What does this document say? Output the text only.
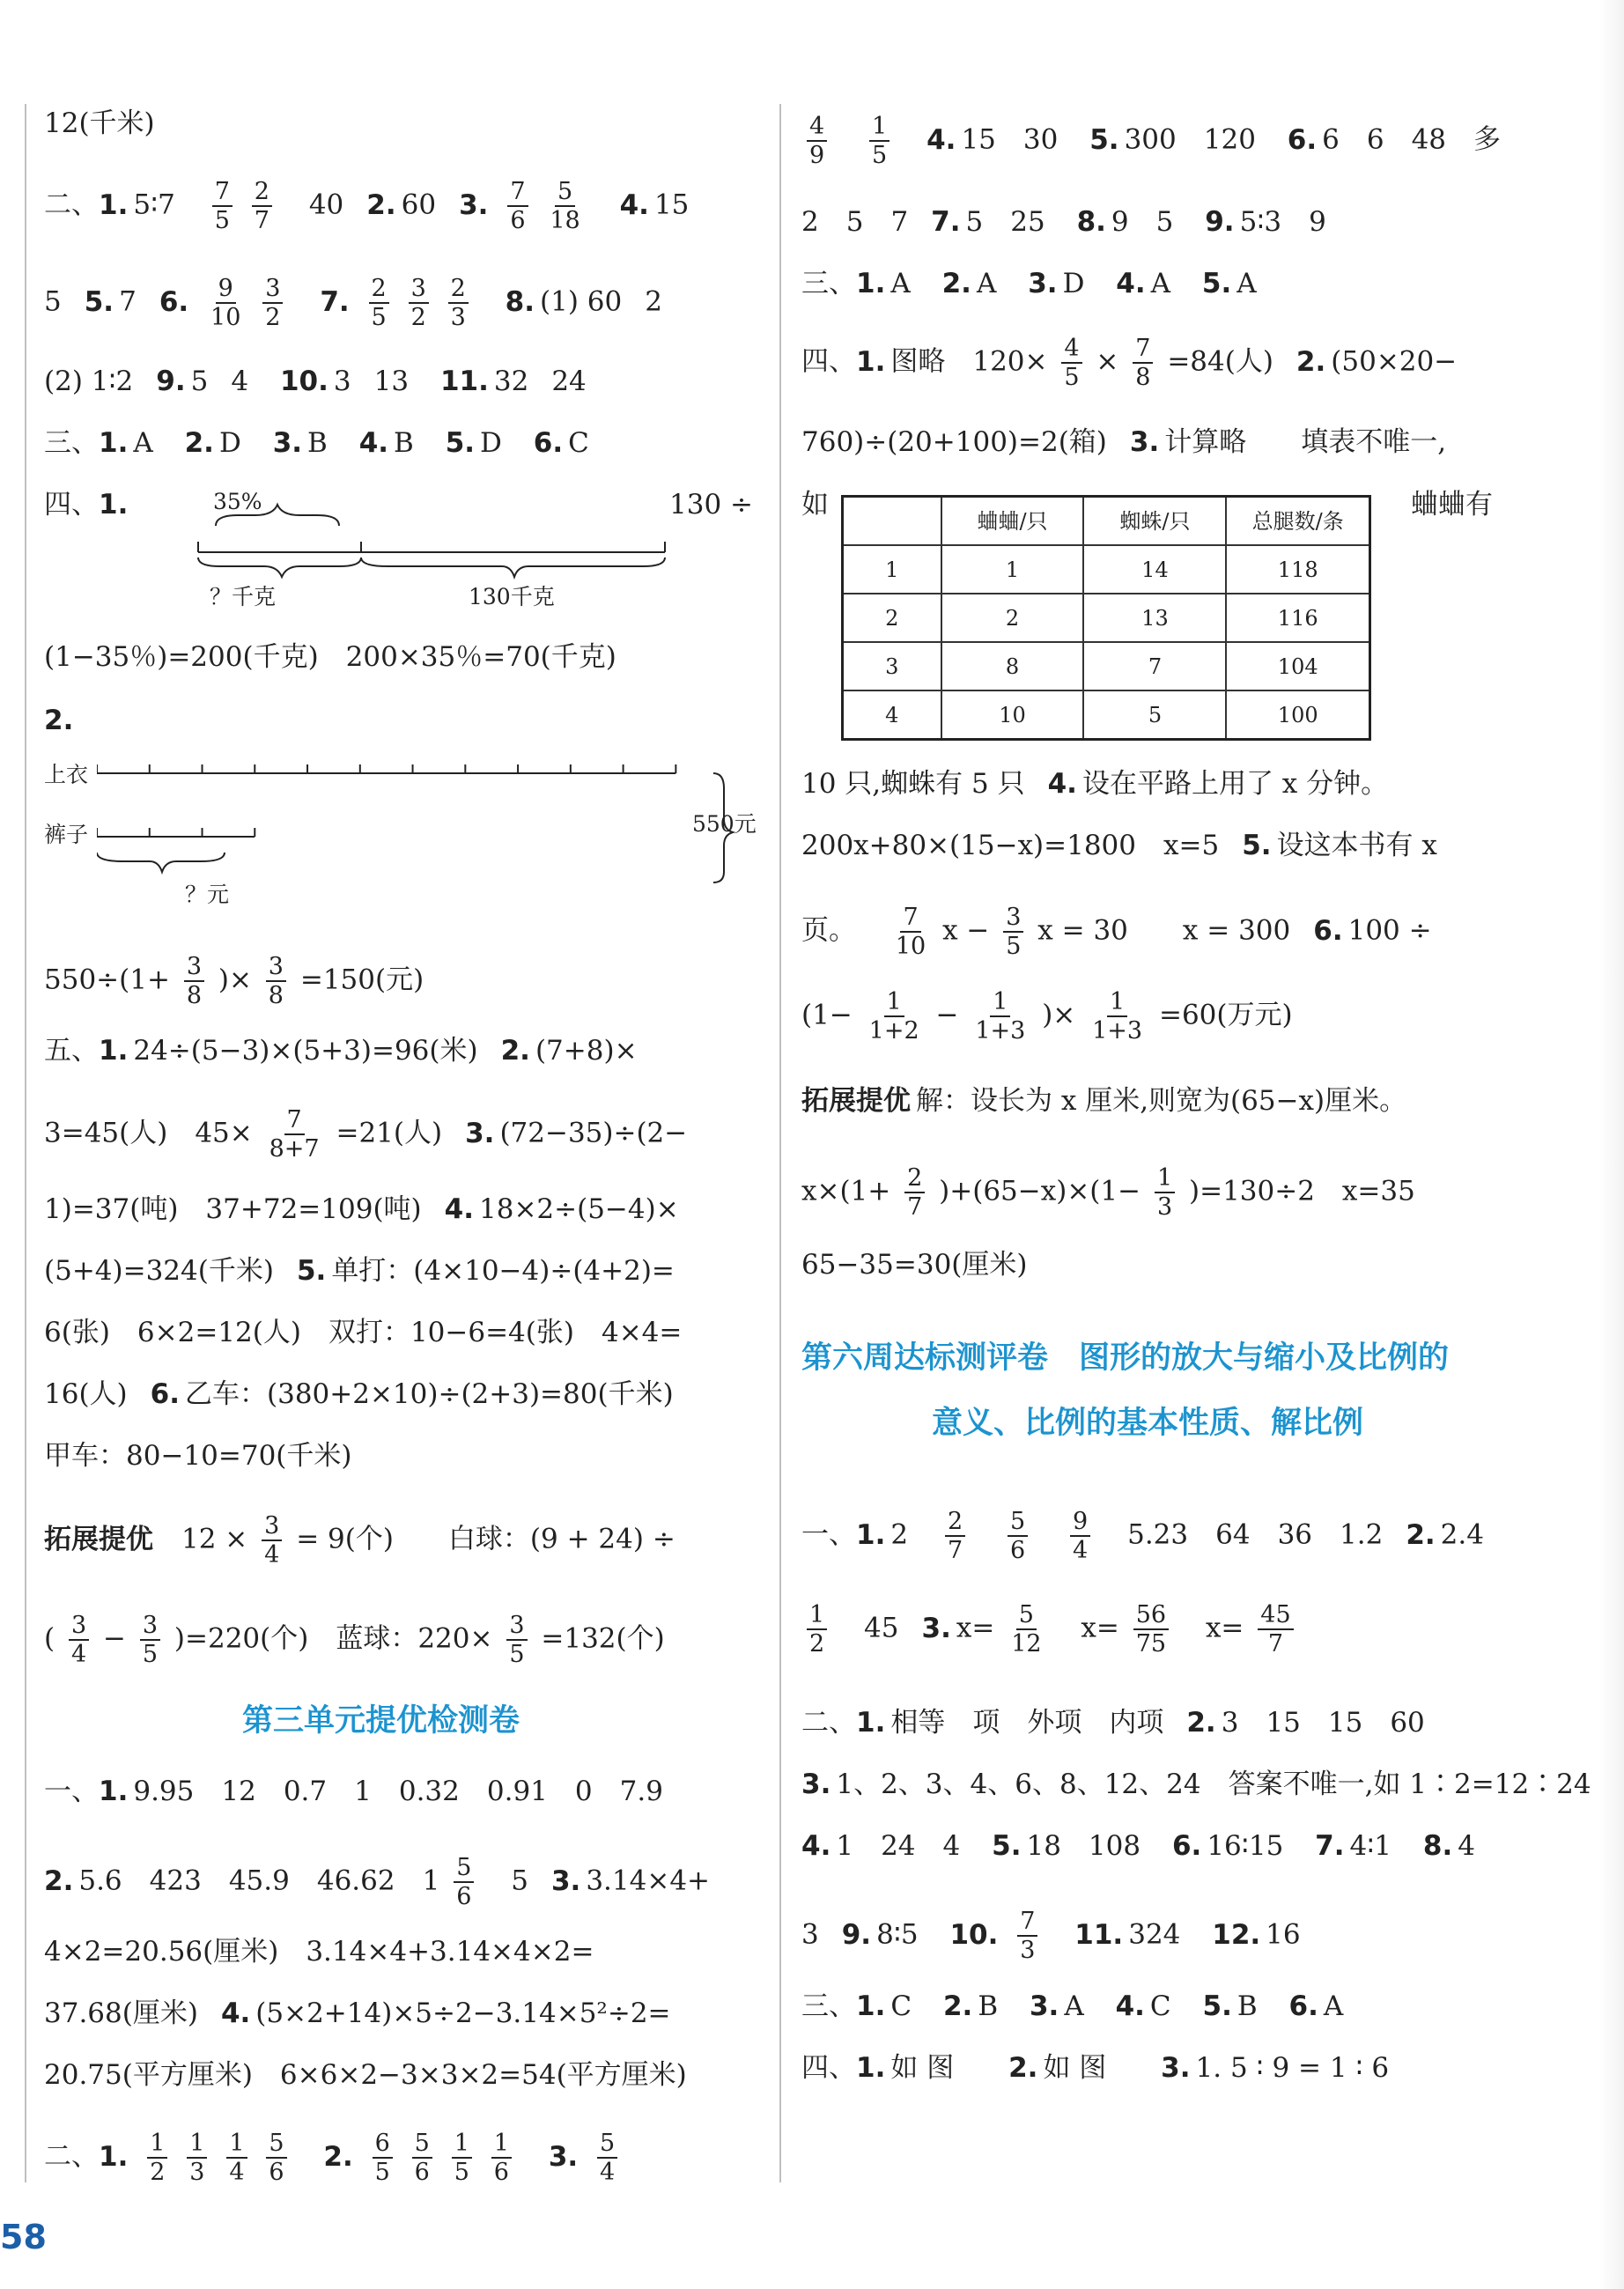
12(千米)
二、1. 5∶7 $\frac{7}{5}$
$\frac{2}{7} 40$ 2. 60 3. $\frac{7}{6}$
$\frac{5}{18} 4$. 15
5 5. 7 6. $\frac{9}{10}$
$\frac{3}{2} 7$. $\frac{2}{5}$
$\frac{3}{2}$
$\frac{2}{3} 8$. (1) 60 2
(2) 1∶2 9. 5 4 10. 3 13 11. 32 24
三、1. A 2. D 3. B 4. B 5. D 6. C
四、1.	130 ÷
35%
？千克	130千克
(1−35％)=200(千克)　200×35％=70(千克)
2.
上衣
裤子	550元
？元
$550\div(1+ \frac{3}{8}$ )× $\frac{3}{8} =150$(元)
五、1. 24÷(5−3)×(5+3)=96(米) 2. (7+8)×
3=45(人)　$45\times \frac{7}{8+7} =21$(人) 3. (72−35)÷(2−
1)=37(吨)　37+72=109(吨) 4. 18×2÷(5−4)×
(5+4)=324(千米) 5. 单打：(4×10−4)÷(4+2)=
6(张)　6×2=12(人)　双打：10−6=4(张)　4×4=
16(人) 6. 乙车：(380+2×10)÷(2+3)=80(千米)
甲车：80−10=70(千米)
拓展提优 $12 \times \frac{3}{4} = 9$(个)　　白球：(9 + 24) ÷
( $\frac{3}{4} - \frac{3}{5} )=220$(个)　蓝球：$220\times \frac{3}{5} =132$(个)
第三单元提优检测卷
一、1. 9.95　12　0.7　1　0.32　0.91　0　7.9
2. 5.6　423　45.9　46.62　$1 \frac{5}{6} 5$ 3. 3.14×4+
4×2=20.56(厘米)　3.14×4+3.14×4×2=
37.68(厘米) 4. (5×2+14)×5÷2−3.14×5²÷2=
20.75(平方厘米)　6×6×2−3×3×2=54(平方厘米)
二、1. $\frac{1}{2}$
$\frac{1}{3}$
$\frac{1}{4}$
$\frac{5}{6} 2$. $\frac{6}{5}$
$\frac{5}{6}$
$\frac{1}{5}$
$\frac{1}{6} 3$. $\frac{5}{4}$
$\frac{4}{9}$
$\frac{1}{5} 4$. 15　30 5. 300　120 6. 6　6　48　多
2　5　7 7. 5　25 8. 9　5 9. 5∶3　9
三、1. A 2. A 3. D 4. A 5. A
四、1. 图略　$120\times \frac{4}{5} \times \frac{7}{8} =84$(人) 2. (50×20−
760)÷(20+100)=2(箱) 3. 计算略　　填表不唯一,
如	蛐蛐有
	蛐蛐/只	蜘蛛/只	总腿数/条
1	1	14	118
2	2	13	116
3	8	7	104
4	10	5	100
10 只,蜘蛛有 5 只 4. 设在平路上用了 x 分钟。
200x+80×(15−x)=1800　x=5 5. 设这本书有 x
页。 $\frac{7}{10}$ $x - \frac{3}{5}$ x = 30　　x = 300 6. 100 ÷
($1- \frac{1}{1+2} - \frac{1}{1+3}$ )× $\frac{1}{1+3} =60$(万元)
拓展提优 解：设长为 x 厘米,则宽为(65−x)厘米。
$x\times(1+ \frac{2}{7} )+(65-x)\times(1- \frac{1}{3} )=130\div 2$　x=35
65−35=30(厘米)
第六周达标测评卷　图形的放大与缩小及比例的
意义、比例的基本性质、解比例
一、1. $2 \frac{2}{7}$
$\frac{5}{6}$
$\frac{9}{4} 5.23$　64　36　1.2 2. 2.4
$\frac{1}{2} 45$ 3. $x= \frac{5}{12} x= \frac{56}{75} x= \frac{45}{7}$
二、1. 相等　项　外项　内项 2. 3　15　15　60
3. 1、2、3、4、6、8、12、24　答案不唯一,如 1∶2=12∶24
4. 1　24　4 5. 18　108 6. 16∶15 7. 4∶1 8. 4
3 9. 8∶5 10. $\frac{7}{3} 11$. 324 12. 16
三、1. C 2. B 3. A 4. C 5. B 6. A
四、1. 如 图 2. 如 图 3. 1. 5 ∶ 9 = 1 ∶ 6
58
